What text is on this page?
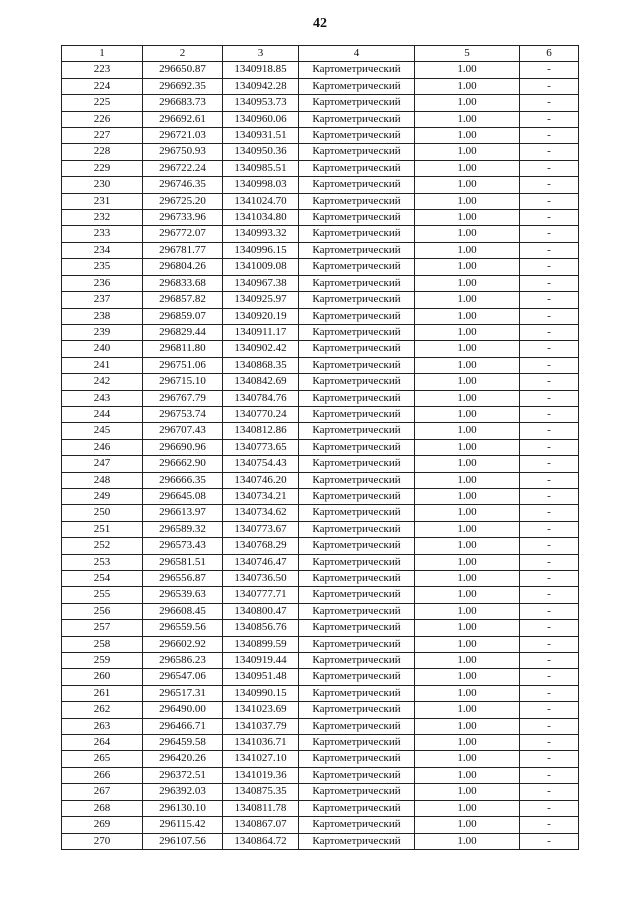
42
1	2	3	4	5	6
223	296650.87	1340918.85	Картометрический	1.00	-
224	296692.35	1340942.28	Картометрический	1.00	-
225	296683.73	1340953.73	Картометрический	1.00	-
226	296692.61	1340960.06	Картометрический	1.00	-
227	296721.03	1340931.51	Картометрический	1.00	-
228	296750.93	1340950.36	Картометрический	1.00	-
229	296722.24	1340985.51	Картометрический	1.00	-
230	296746.35	1340998.03	Картометрический	1.00	-
231	296725.20	1341024.70	Картометрический	1.00	-
232	296733.96	1341034.80	Картометрический	1.00	-
233	296772.07	1340993.32	Картометрический	1.00	-
234	296781.77	1340996.15	Картометрический	1.00	-
235	296804.26	1341009.08	Картометрический	1.00	-
236	296833.68	1340967.38	Картометрический	1.00	-
237	296857.82	1340925.97	Картометрический	1.00	-
238	296859.07	1340920.19	Картометрический	1.00	-
239	296829.44	1340911.17	Картометрический	1.00	-
240	296811.80	1340902.42	Картометрический	1.00	-
241	296751.06	1340868.35	Картометрический	1.00	-
242	296715.10	1340842.69	Картометрический	1.00	-
243	296767.79	1340784.76	Картометрический	1.00	-
244	296753.74	1340770.24	Картометрический	1.00	-
245	296707.43	1340812.86	Картометрический	1.00	-
246	296690.96	1340773.65	Картометрический	1.00	-
247	296662.90	1340754.43	Картометрический	1.00	-
248	296666.35	1340746.20	Картометрический	1.00	-
249	296645.08	1340734.21	Картометрический	1.00	-
250	296613.97	1340734.62	Картометрический	1.00	-
251	296589.32	1340773.67	Картометрический	1.00	-
252	296573.43	1340768.29	Картометрический	1.00	-
253	296581.51	1340746.47	Картометрический	1.00	-
254	296556.87	1340736.50	Картометрический	1.00	-
255	296539.63	1340777.71	Картометрический	1.00	-
256	296608.45	1340800.47	Картометрический	1.00	-
257	296559.56	1340856.76	Картометрический	1.00	-
258	296602.92	1340899.59	Картометрический	1.00	-
259	296586.23	1340919.44	Картометрический	1.00	-
260	296547.06	1340951.48	Картометрический	1.00	-
261	296517.31	1340990.15	Картометрический	1.00	-
262	296490.00	1341023.69	Картометрический	1.00	-
263	296466.71	1341037.79	Картометрический	1.00	-
264	296459.58	1341036.71	Картометрический	1.00	-
265	296420.26	1341027.10	Картометрический	1.00	-
266	296372.51	1341019.36	Картометрический	1.00	-
267	296392.03	1340875.35	Картометрический	1.00	-
268	296130.10	1340811.78	Картометрический	1.00	-
269	296115.42	1340867.07	Картометрический	1.00	-
270	296107.56	1340864.72	Картометрический	1.00	-
